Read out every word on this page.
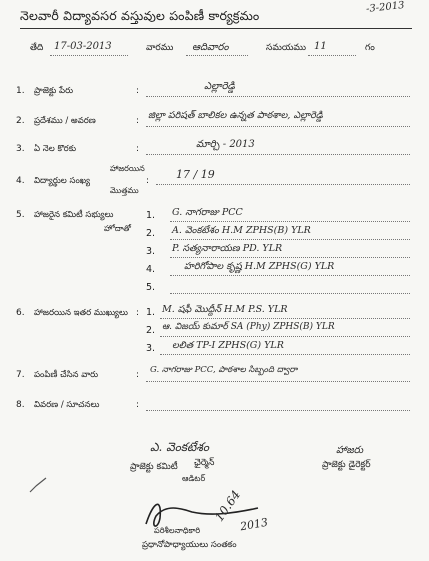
నెలవారీ విద్యావసర వస్తువుల పంపిణీ కార్యక్రమం
-3-2013
తేది 17-03-2013	వారము ఆదివారం	సమయము 11	గం
1. ప్రాజెక్టు పేరు	:	ఎల్లారెడ్డి
2. ప్రదేశము / అవరణ	: జిల్లా పరిషత్ బాలికల ఉన్నత పాఠశాల, ఎల్లారెడ్డి
3. ఏ నెల కొరకు	:	మార్చి - 2013
4. విద్యార్థుల సంఖ్య
హాజరయిన
మొత్తము
: 17 / 19
5. హాజరైన కమిటీ సభ్యులు
హోదాతో
1. G. నాగరాజు PCC
2. A. వెంకటేశం H.M ZPHS(B) YLR
3. P. సత్యనారాయణ PD. YLR
4.	హరిగోపాల కృష్ణ H.M ZPHS(G) YLR
5.
6. హాజరయిన ఇతర ముఖ్యులు : 1. M. షఫీ మొద్దీన్ H.M P.S. YLR
2. ఆ. విజయ్ కుమార్ SA (Phy) ZPHS(B) YLR
3. లలిత TP-I ZPHS(G) YLR
7. పంపిణీ చేసిన వారు	: G. నాగరాజు PCC, పాఠశాల సిబ్బంది ద్వారా
8. వివరణ / సూచనలు	:
ఎ. వెంకటేశం
ప్రాజెక్టు కమిటీ ఛైర్మెన్
ఆడిటర్
హాజరు
ప్రాజెక్టు డైరెక్టర్
10.64
2013
పరిశీలనాధికారి
ప్రధానోపాధ్యాయులు సంతకం
